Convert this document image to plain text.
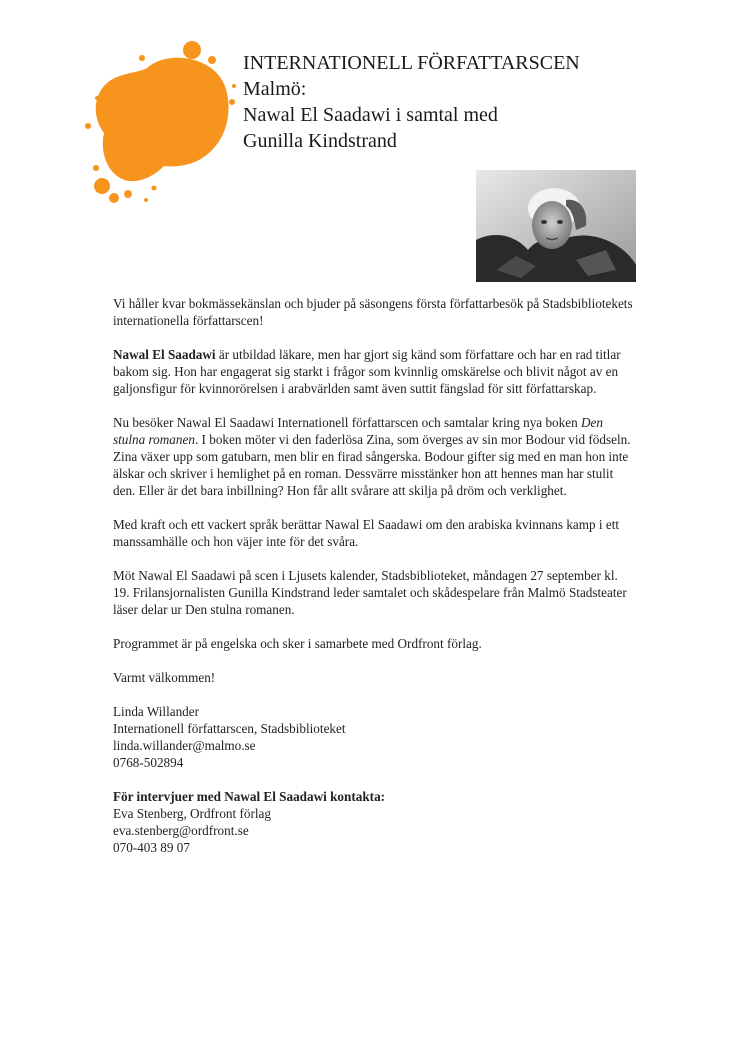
INTERNATIONELL FÖRFATTARSCEN
Malmö:
Nawal El Saadawi i samtal med
Gunilla Kindstrand

Vi håller kvar bokmässekänslan och bjuder på säsongens första författarbesök på Stadsbibliotekets internationella författarscen!

Nawal El Saadawi är utbildad läkare, men har gjort sig känd som författare och har en rad titlar bakom sig. Hon har engagerat sig starkt i frågor som kvinnlig omskärelse och blivit något av en galjonsfigur för kvinnorörelsen i arabvärlden samt även suttit fängslad för sitt författarskap.

Nu besöker Nawal El Saadawi Internationell författarscen och samtalar kring nya boken Den stulna romanen. I boken möter vi den faderlösa Zina, som överges av sin mor Bodour vid födseln. Zina växer upp som gatubarn, men blir en firad sångerska. Bodour gifter sig med en man hon inte älskar och skriver i hemlighet på en roman. Dessvärre misstänker hon att hennes man har stulit den. Eller är det bara inbillning? Hon får allt svårare att skilja på dröm och verklighet.

Med kraft och ett vackert språk berättar Nawal El Saadawi om den arabiska kvinnans kamp i ett manssamhälle och hon väjer inte för det svåra.

Möt Nawal El Saadawi på scen i Ljusets kalender, Stadsbiblioteket, måndagen 27 september kl. 19. Frilansjornalisten Gunilla Kindstrand leder samtalet och skådespelare från Malmö Stadsteater läser delar ur Den stulna romanen.

Programmet är på engelska och sker i samarbete med Ordfront förlag.

Varmt välkommen!

Linda Willander
Internationell författarscen, Stadsbiblioteket
linda.willander@malmo.se
0768-502894

För intervjuer med Nawal El Saadawi kontakta:
Eva Stenberg, Ordfront förlag
eva.stenberg@ordfront.se
070-403 89 07
